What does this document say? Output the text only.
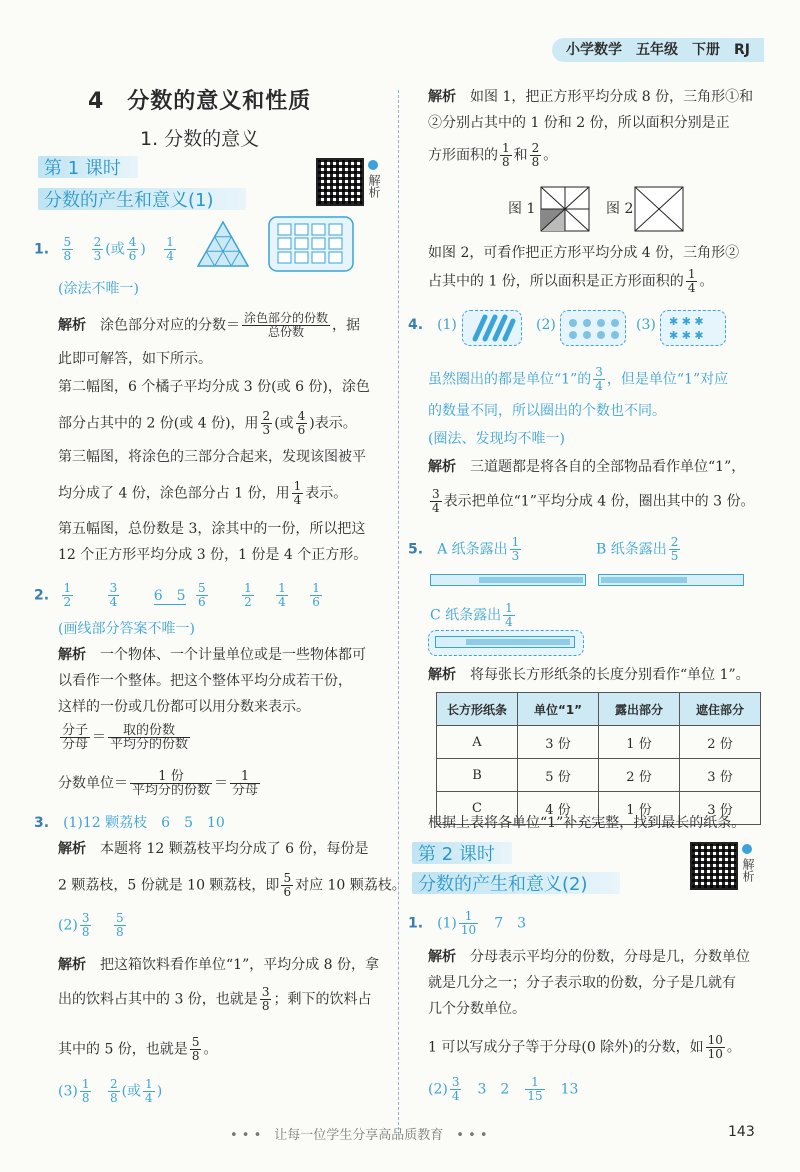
小学数学　五年级　下册　RJ
4　分数的意义和性质
1. 分数的意义
第 1 课时
分数的产生和意义(1)
解析
1. $\frac{5}{8}$
$\frac{2}{3}$ (或 $\frac{4}{6}$ ) $\frac{1}{4}$
(涂法不唯一)
解析　 涂色部分对应的分数＝ $\frac{\text{涂色部分的份数}}{\text{总份数}}$ ，据
此即可解答，如下所示。
第二幅图，6 个橘子平均分成 3 份(或 6 份)，涂色
部分占其中的 2 份(或 4 份)，用 $\frac{2}{3}$ (或 $\frac{4}{6}$ )表示。
第三幅图，将涂色的三部分合起来，发现该图被平
均分成了 4 份，涂色部分占 1 份，用 $\frac{1}{4}$ 表示。
第五幅图，总份数是 3，涂其中的一份，所以把这
12 个正方形平均分成 3 份，1 份是 4 个正方形。
2. $\frac{1}{2}$
	$\frac{3}{4} 6$　$5 \frac{5}{6}$
	$\frac{1}{2}$
$\frac{1}{4}$
$\frac{1}{6}$
(画线部分答案不唯一)
解析　 一个物体、一个计量单位或是一些物体都可
以看作一个整体。把这个整体平均分成若干份，
这样的一份或几份都可以用分数来表示。
$\frac{\text{分子}}{\text{分母}} = \frac{\text{取的份数}}{\text{平均分的份数}}$
分数单位＝ $\frac{\text{1 份}}{\text{平均分的份数}} = \frac{1}{\text{分母}}$
3.　 (1)12 颗荔枝　6　5　10
解析　 本题将 12 颗荔枝平均分成了 6 份，每份是
2 颗荔枝，5 份就是 10 颗荔枝，即 $\frac{5}{6}$ 对应 10 颗荔枝。
$(2) \frac{3}{8}$
$\frac{5}{8}$
解析　 把这箱饮料看作单位“1”，平均分成 8 份，拿
出的饮料占其中的 3 份，也就是 $\frac{3}{8}$ ；剩下的饮料占
其中的 5 份，也就是 $\frac{5}{8}$ 。
$(3) \frac{1}{8}$
$\frac{2}{8}$ (或 $\frac{1}{4}$ )
解析　 如图 1，把正方形平均分成 8 份，三角形①和
②分别占其中的 1 份和 2 份，所以面积分别是正
方形面积的 $\frac{1}{8}$ 和 $\frac{2}{8}$ 。
图 1	图 2
如图 2，可看作把正方形平均分成 4 份，三角形②
占其中的 1 份，所以面积是正方形面积的 $\frac{1}{4}$ 。
4.　 (1)	(2)	(3) ✱ ✱ ✱
✱ ✱ ✱
虽然圈出的都是单位“1”的 $\frac{3}{4}$ ，但是单位“1”对应
的数量不同，所以圈出的个数也不同。
(圈法、发现均不唯一)
解析　 三道题都是将各自的全部物品看作单位“1”，
$\frac{3}{4}$ 表示把单位“1”平均分成 4 份，圈出其中的 3 份。
5.　 A 纸条露出 $\frac{1}{3}$	B 纸条露出 $\frac{2}{5}$
C 纸条露出 $\frac{1}{4}$
解析　 将每张长方形纸条的长度分别看作“单位 1”。
长方形纸条	单位“1”	露出部分	遮住部分
A	3 份	1 份	2 份
B	5 份	2 份	3 份
C	4 份	1 份	3 份
根据上表将各单位“1”补充完整，找到最长的纸条。
第 2 课时
分数的产生和意义(2)
解析
1.　 $(1) \frac{1}{10}$
　 7　3
解析　 分母表示平均分的份数，分母是几，分数单位
就是几分之一；分子表示取的份数，分子是几就有
几个分数单位。
1 可以写成分子等于分母(0 除外)的分数，如 $\frac{10}{10}$ 。
$(2) \frac{3}{4}$
　 3　2　 $\frac{1}{15}$
　 13
• • •　让每一位学生分享高品质教育　• • •	143
